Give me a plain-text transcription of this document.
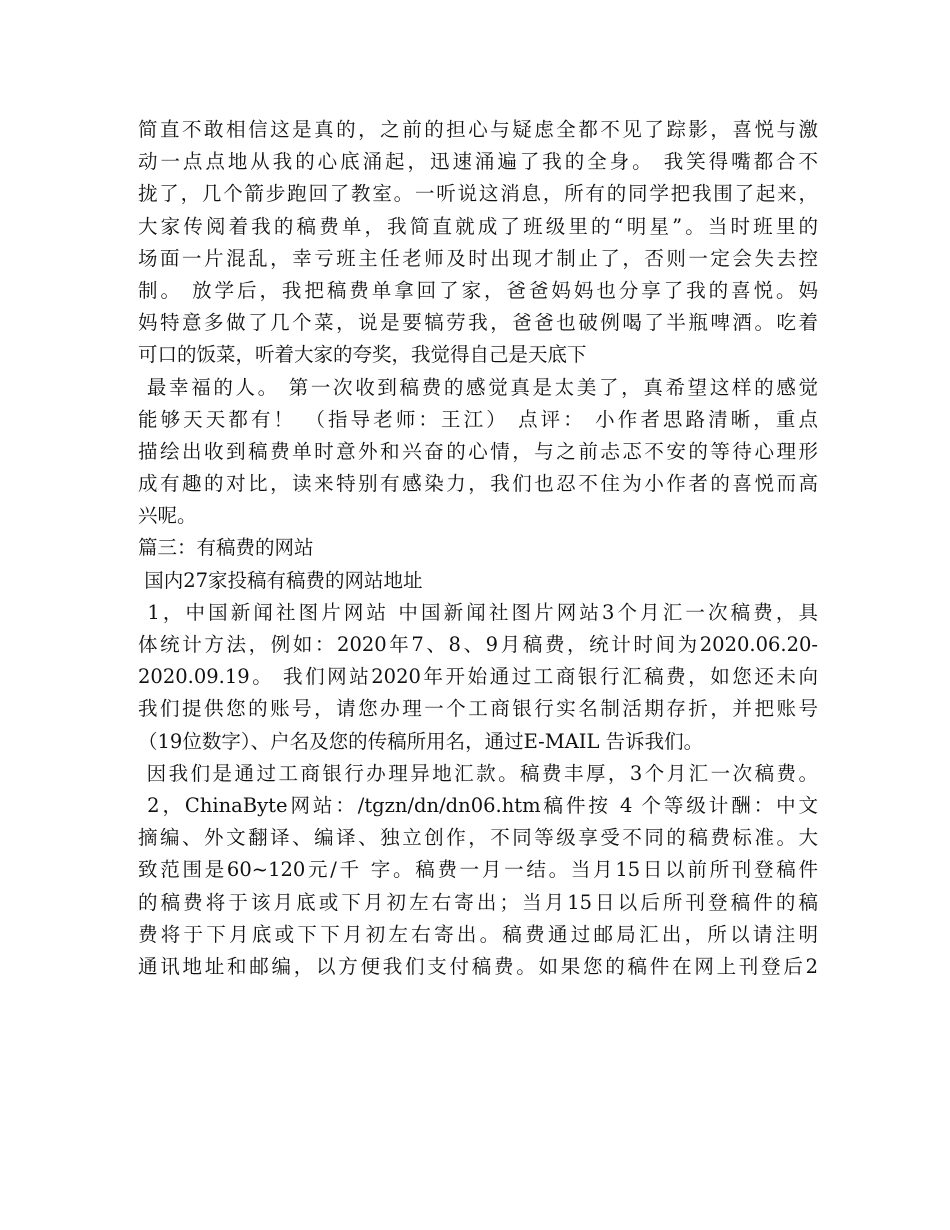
简直不敢相信这是真的，之前的担心与疑虑全都不见了踪影，喜悦与激
动一点点地从我的心底涌起，迅速涌遍了我的全身。 我笑得嘴都合不
拢了，几个箭步跑回了教室。一听说这消息，所有的同学把我围了起来，
大家传阅着我的稿费单，我简直就成了班级里的“明星”。当时班里的
场面一片混乱，幸亏班主任老师及时出现才制止了，否则一定会失去控
制。 放学后，我把稿费单拿回了家，爸爸妈妈也分享了我的喜悦。妈
妈特意多做了几个菜，说是要犒劳我，爸爸也破例喝了半瓶啤酒。吃着
可口的饭菜，听着大家的夸奖，我觉得自己是天底下
最幸福的人。 第一次收到稿费的感觉真是太美了，真希望这样的感觉
能够天天都有！ （指导老师：王江） 点评： 小作者思路清晰，重点
描绘出收到稿费单时意外和兴奋的心情，与之前忐忑不安的等待心理形
成有趣的对比，读来特别有感染力，我们也忍不住为小作者的喜悦而高
兴呢。
篇三：有稿费的网站
国内27家投稿有稿费的网站地址
1，中国新闻社图片网站 中国新闻社图片网站3个月汇一次稿费，具
体统计方法，例如：2020年7、8、9月稿费，统计时间为2020.06.20-
2020.09.19。 我们网站2020年开始通过工商银行汇稿费，如您还未向
我们提供您的账号，请您办理一个工商银行实名制活期存折，并把账号
（19位数字）、户名及您的传稿所用名，通过E-MAIL 告诉我们。
因我们是通过工商银行办理异地汇款。稿费丰厚，3个月汇一次稿费。
2，ChinaByte网站：/tgzn/dn/dn06.htm稿件按 4 个等级计酬：中文
摘编、外文翻译、编译、独立创作，不同等级享受不同的稿费标准。大
致范围是60~120元/千 字。稿费一月一结。当月15日以前所刊登稿件
的稿费将于该月底或下月初左右寄出；当月15日以后所刊登稿件的稿
费将于下月底或下下月初左右寄出。稿费通过邮局汇出，所以请注明
通讯地址和邮编，以方便我们支付稿费。如果您的稿件在网上刊登后2
